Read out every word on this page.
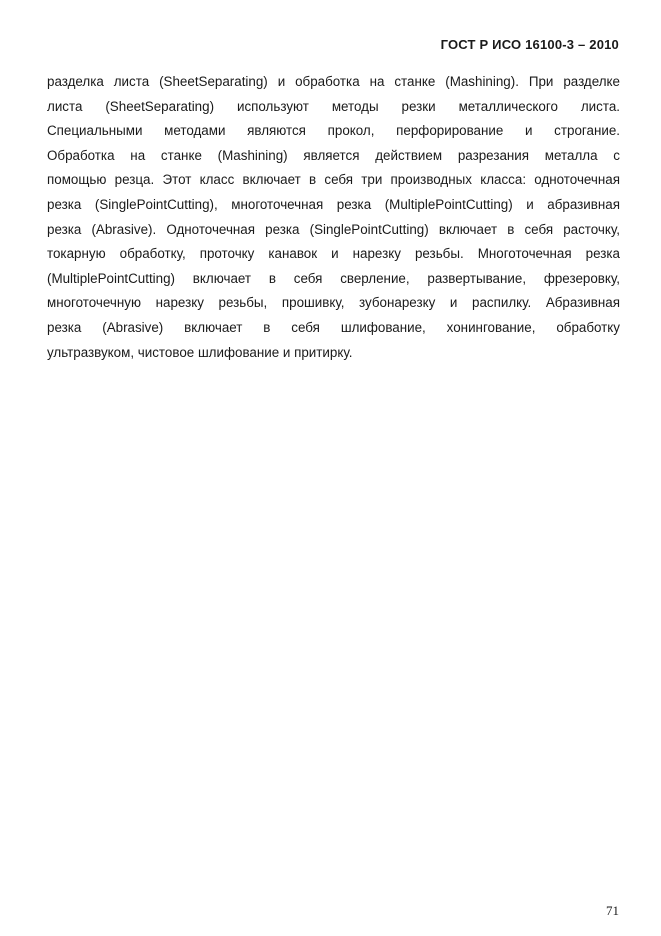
ГОСТ Р ИСО 16100-3 – 2010
разделка листа (SheetSeparating) и обработка на станке (Mashining). При разделке
листа (SheetSeparating) используют методы резки металлического листа.
Специальными методами являются прокол, перфорирование и строгание.
Обработка на станке (Mashining) является действием разрезания металла с
помощью резца. Этот класс включает в себя три производных класса: одноточечная
резка (SinglePointCutting), многоточечная резка (MultiplePointCutting) и абразивная
резка (Abrasive). Одноточечная резка (SinglePointCutting) включает в себя расточку,
токарную обработку, проточку канавок и нарезку резьбы. Многоточечная резка
(MultiplePointCutting) включает в себя сверление, развертывание, фрезеровку,
многоточечную нарезку резьбы, прошивку, зубонарезку и распилку. Абразивная
резка (Abrasive) включает в себя шлифование, хонингование, обработку
ультразвуком, чистовое шлифование и притирку.
71
